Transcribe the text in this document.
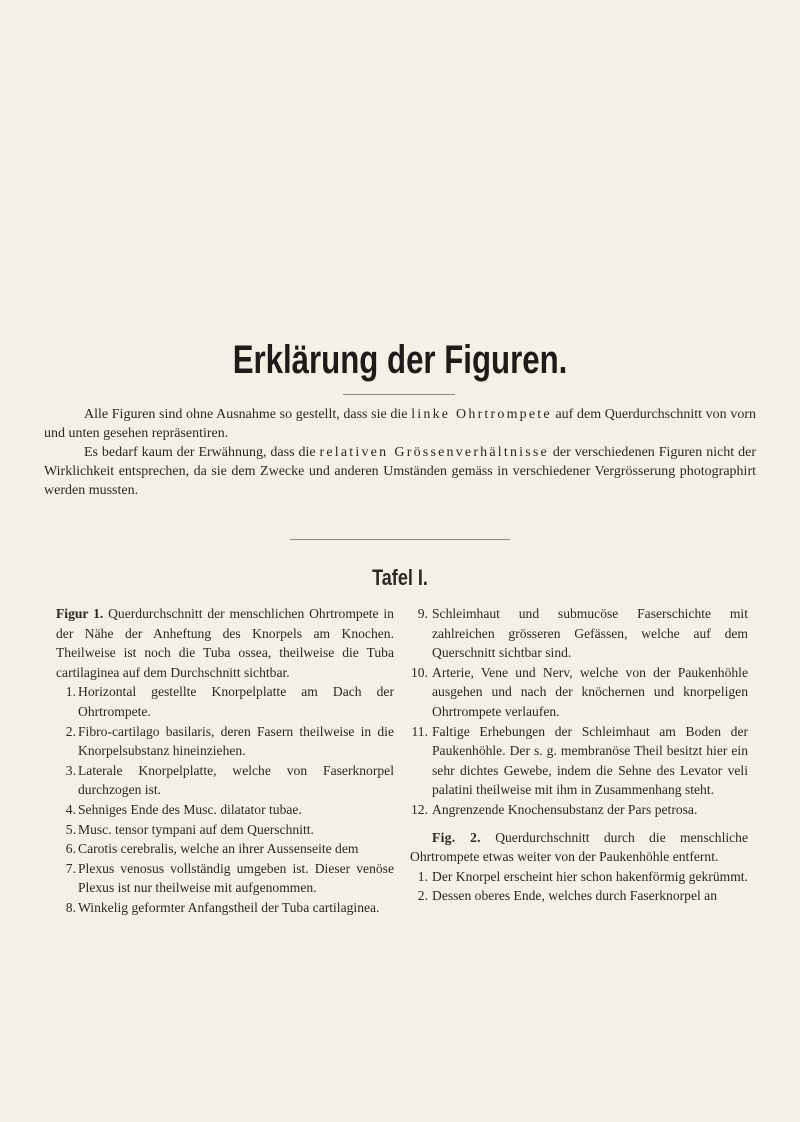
Erklärung der Figuren.

Alle Figuren sind ohne Ausnahme so gestellt, dass sie die linke Ohrtrompete auf dem Querdurchschnitt von vorn und unten gesehen repräsentiren.

Es bedarf kaum der Erwähnung, dass die relativen Grössenverhältnisse der verschiedenen Figuren nicht der Wirklichkeit entsprechen, da sie dem Zwecke und anderen Umständen gemäss in verschiedener Vergrösserung photographirt werden mussten.

Tafel I.

Figur 1. Querdurchschnitt der menschlichen Ohrtrompete in der Nähe der Anheftung des Knorpels am Knochen. Theilweise ist noch die Tuba ossea, theilweise die Tuba cartilaginea auf dem Durchschnitt sichtbar.

1. Horizontal gestellte Knorpelplatte am Dach der Ohrtrompete.
2. Fibro-cartilago basilaris, deren Fasern theilweise in die Knorpelsubstanz hineinziehen.
3. Laterale Knorpelplatte, welche von Faserknorpel durchzogen ist.
4. Sehniges Ende des Musc. dilatator tubae.
5. Musc. tensor tympani auf dem Querschnitt.
6. Carotis cerebralis, welche an ihrer Aussenseite dem
7. Plexus venosus vollständig umgeben ist. Dieser venöse Plexus ist nur theilweise mit aufgenommen.
8. Winkelig geformter Anfangstheil der Tuba cartilaginea.
9. Schleimhaut und submucöse Faserschichte mit zahlreichen grösseren Gefässen, welche auf dem Querschnitt sichtbar sind.
10. Arterie, Vene und Nerv, welche von der Paukenhöhle ausgehen und nach der knöchernen und knorpeligen Ohrtrompete verlaufen.
11. Faltige Erhebungen der Schleimhaut am Boden der Paukenhöhle. Der s. g. membranöse Theil besitzt hier ein sehr dichtes Gewebe, indem die Sehne des Levator veli palatini theilweise mit ihm in Zusammenhang steht.
12. Angrenzende Knochensubstanz der Pars petrosa.

Fig. 2. Querdurchschnitt durch die menschliche Ohrtrompete etwas weiter von der Paukenhöhle entfernt.

1. Der Knorpel erscheint hier schon hakenförmig gekrümmt.
2. Dessen oberes Ende, welches durch Faserknorpel an
